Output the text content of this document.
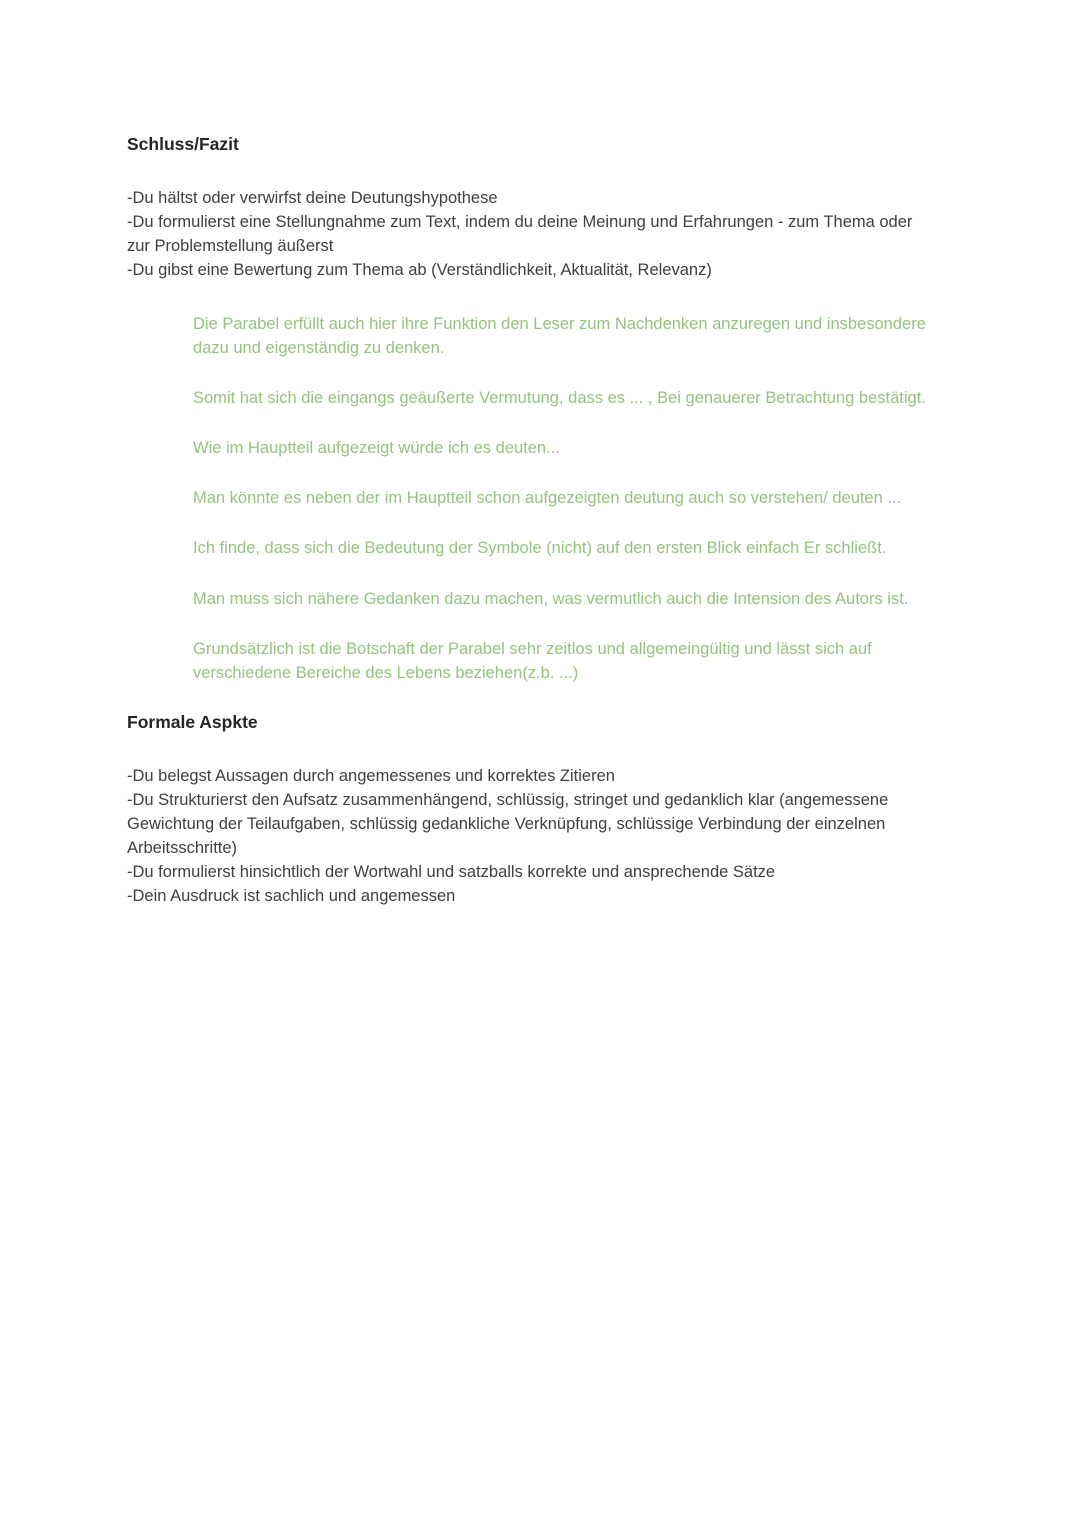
Schluss/Fazit

-Du hältst oder verwirfst deine Deutungshypothese

-Du formulierst eine Stellungnahme zum Text, indem du deine Meinung und Erfahrungen - zum Thema oder zur Problemstellung äußerst

-Du gibst eine Bewertung zum Thema ab (Verständlichkeit, Aktualität, Relevanz)

Die Parabel erfüllt auch hier ihre Funktion den Leser zum Nachdenken anzuregen und insbesondere dazu und eigenständig zu denken.

Somit hat sich die eingangs geäußerte Vermutung, dass es ... , Bei genauerer Betrachtung bestätigt.

Wie im Hauptteil aufgezeigt würde ich es deuten...

Man könnte es neben der im Hauptteil schon aufgezeigten deutung auch so verstehen/ deuten ...

Ich finde, dass sich die Bedeutung der Symbole (nicht) auf den ersten Blick einfach Er schließt.

Man muss sich nähere Gedanken dazu machen, was vermutlich auch die Intension des Autors ist.

Grundsätzlich ist die Botschaft der Parabel sehr zeitlos und allgemeingültig und lässt sich auf verschiedene Bereiche des Lebens beziehen(z.b. ...)

Formale Aspkte

-Du belegst Aussagen durch angemessenes und korrektes Zitieren

-Du Strukturierst den Aufsatz zusammenhängend, schlüssig, stringet und gedanklich klar (angemessene Gewichtung der Teilaufgaben, schlüssig gedankliche Verknüpfung, schlüssige Verbindung der einzelnen Arbeitsschritte)

-Du formulierst hinsichtlich der Wortwahl und satzballs korrekte und ansprechende Sätze

-Dein Ausdruck ist sachlich und angemessen
